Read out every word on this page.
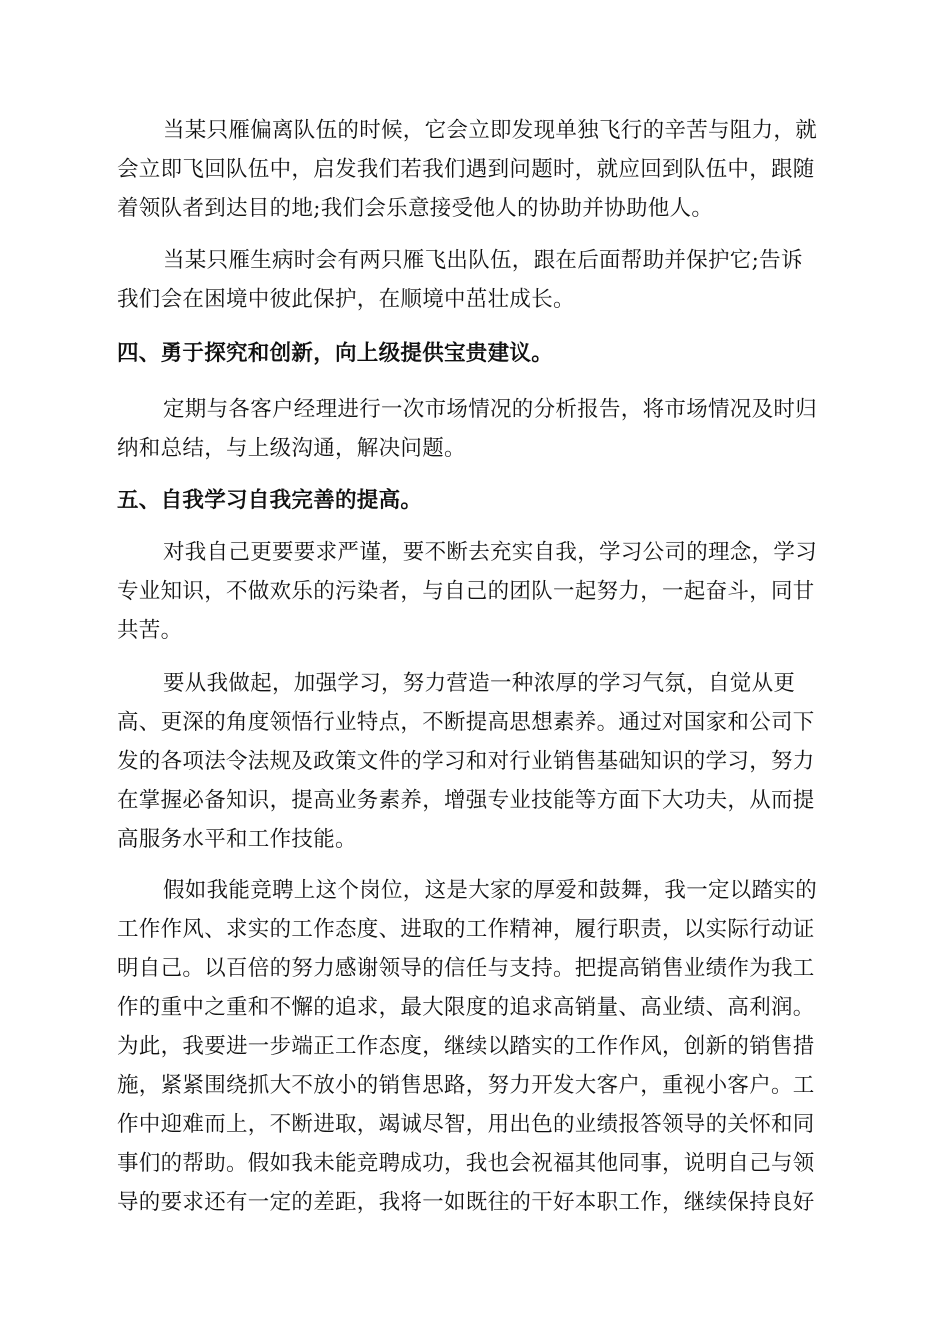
当某只雁偏离队伍的时候，它会立即发现单独飞行的辛苦与阻力，就
会立即飞回队伍中，启发我们若我们遇到问题时，就应回到队伍中，跟随
着领队者到达目的地;我们会乐意接受他人的协助并协助他人。
当某只雁生病时会有两只雁飞出队伍，跟在后面帮助并保护它;告诉
我们会在困境中彼此保护，在顺境中茁壮成长。
四、勇于探究和创新，向上级提供宝贵建议。
定期与各客户经理进行一次市场情况的分析报告，将市场情况及时归
纳和总结，与上级沟通，解决问题。
五、自我学习自我完善的提高。
对我自己更要要求严谨，要不断去充实自我，学习公司的理念，学习
专业知识，不做欢乐的污染者，与自己的团队一起努力，一起奋斗，同甘
共苦。
要从我做起，加强学习，努力营造一种浓厚的学习气氛，自觉从更
高、更深的角度领悟行业特点，不断提高思想素养。通过对国家和公司下
发的各项法令法规及政策文件的学习和对行业销售基础知识的学习，努力
在掌握必备知识，提高业务素养，增强专业技能等方面下大功夫，从而提
高服务水平和工作技能。
假如我能竞聘上这个岗位，这是大家的厚爱和鼓舞，我一定以踏实的
工作作风、求实的工作态度、进取的工作精神，履行职责，以实际行动证
明自己。以百倍的努力感谢领导的信任与支持。把提高销售业绩作为我工
作的重中之重和不懈的追求，最大限度的追求高销量、高业绩、高利润。
为此，我要进一步端正工作态度，继续以踏实的工作作风，创新的销售措
施，紧紧围绕抓大不放小的销售思路，努力开发大客户，重视小客户。工
作中迎难而上，不断进取，竭诚尽智，用出色的业绩报答领导的关怀和同
事们的帮助。假如我未能竞聘成功，我也会祝福其他同事，说明自己与领
导的要求还有一定的差距，我将一如既往的干好本职工作，继续保持良好
